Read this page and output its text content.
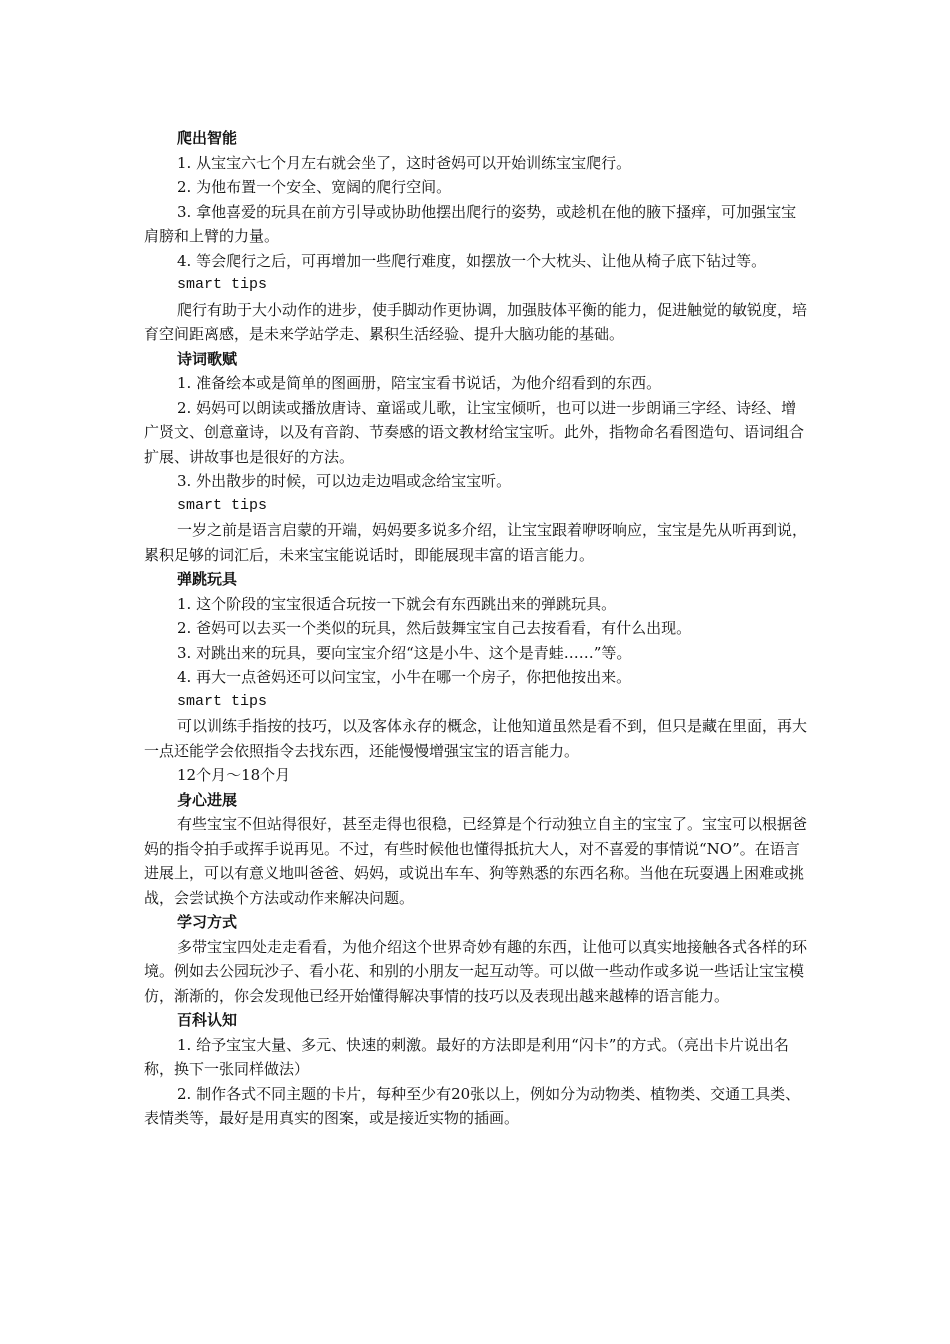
爬出智能

1. 从宝宝六七个月左右就会坐了，这时爸妈可以开始训练宝宝爬行。

2. 为他布置一个安全、宽阔的爬行空间。

3. 拿他喜爱的玩具在前方引导或协助他摆出爬行的姿势，或趁机在他的腋下搔痒，可加强宝宝肩膀和上臂的力量。

4. 等会爬行之后，可再增加一些爬行难度，如摆放一个大枕头、让他从椅子底下钻过等。

smart tips

爬行有助于大小动作的进步，使手脚动作更协调，加强肢体平衡的能力，促进触觉的敏锐度，培育空间距离感，是未来学站学走、累积生活经验、提升大脑功能的基础。

诗词歌赋

1. 准备绘本或是简单的图画册，陪宝宝看书说话，为他介绍看到的东西。

2. 妈妈可以朗读或播放唐诗、童谣或儿歌，让宝宝倾听，也可以进一步朗诵三字经、诗经、增广贤文、创意童诗，以及有音韵、节奏感的语文教材给宝宝听。此外，指物命名看图造句、语词组合扩展、讲故事也是很好的方法。

3. 外出散步的时候，可以边走边唱或念给宝宝听。

smart tips

一岁之前是语言启蒙的开端，妈妈要多说多介绍，让宝宝跟着咿呀响应，宝宝是先从听再到说，累积足够的词汇后，未来宝宝能说话时，即能展现丰富的语言能力。

弹跳玩具

1. 这个阶段的宝宝很适合玩按一下就会有东西跳出来的弹跳玩具。

2. 爸妈可以去买一个类似的玩具，然后鼓舞宝宝自己去按看看，有什么出现。

3. 对跳出来的玩具，要向宝宝介绍“这是小牛、这个是青蛙……”等。

4. 再大一点爸妈还可以问宝宝，小牛在哪一个房子，你把他按出来。

smart tips

可以训练手指按的技巧，以及客体永存的概念，让他知道虽然是看不到，但只是藏在里面，再大一点还能学会依照指令去找东西，还能慢慢增强宝宝的语言能力。

12个月～18个月

身心进展

有些宝宝不但站得很好，甚至走得也很稳，已经算是个行动独立自主的宝宝了。宝宝可以根据爸妈的指令拍手或挥手说再见。不过，有些时候他也懂得抵抗大人，对不喜爱的事情说“NO”。在语言进展上，可以有意义地叫爸爸、妈妈，或说出车车、狗等熟悉的东西名称。当他在玩耍遇上困难或挑战，会尝试换个方法或动作来解决问题。

学习方式

多带宝宝四处走走看看，为他介绍这个世界奇妙有趣的东西，让他可以真实地接触各式各样的环境。例如去公园玩沙子、看小花、和别的小朋友一起互动等。可以做一些动作或多说一些话让宝宝模仿，渐渐的，你会发现他已经开始懂得解决事情的技巧以及表现出越来越棒的语言能力。

百科认知

1. 给予宝宝大量、多元、快速的刺激。最好的方法即是利用“闪卡”的方式。（亮出卡片说出名称，换下一张同样做法）

2. 制作各式不同主题的卡片，每种至少有20张以上，例如分为动物类、植物类、交通工具类、表情类等，最好是用真实的图案，或是接近实物的插画。
